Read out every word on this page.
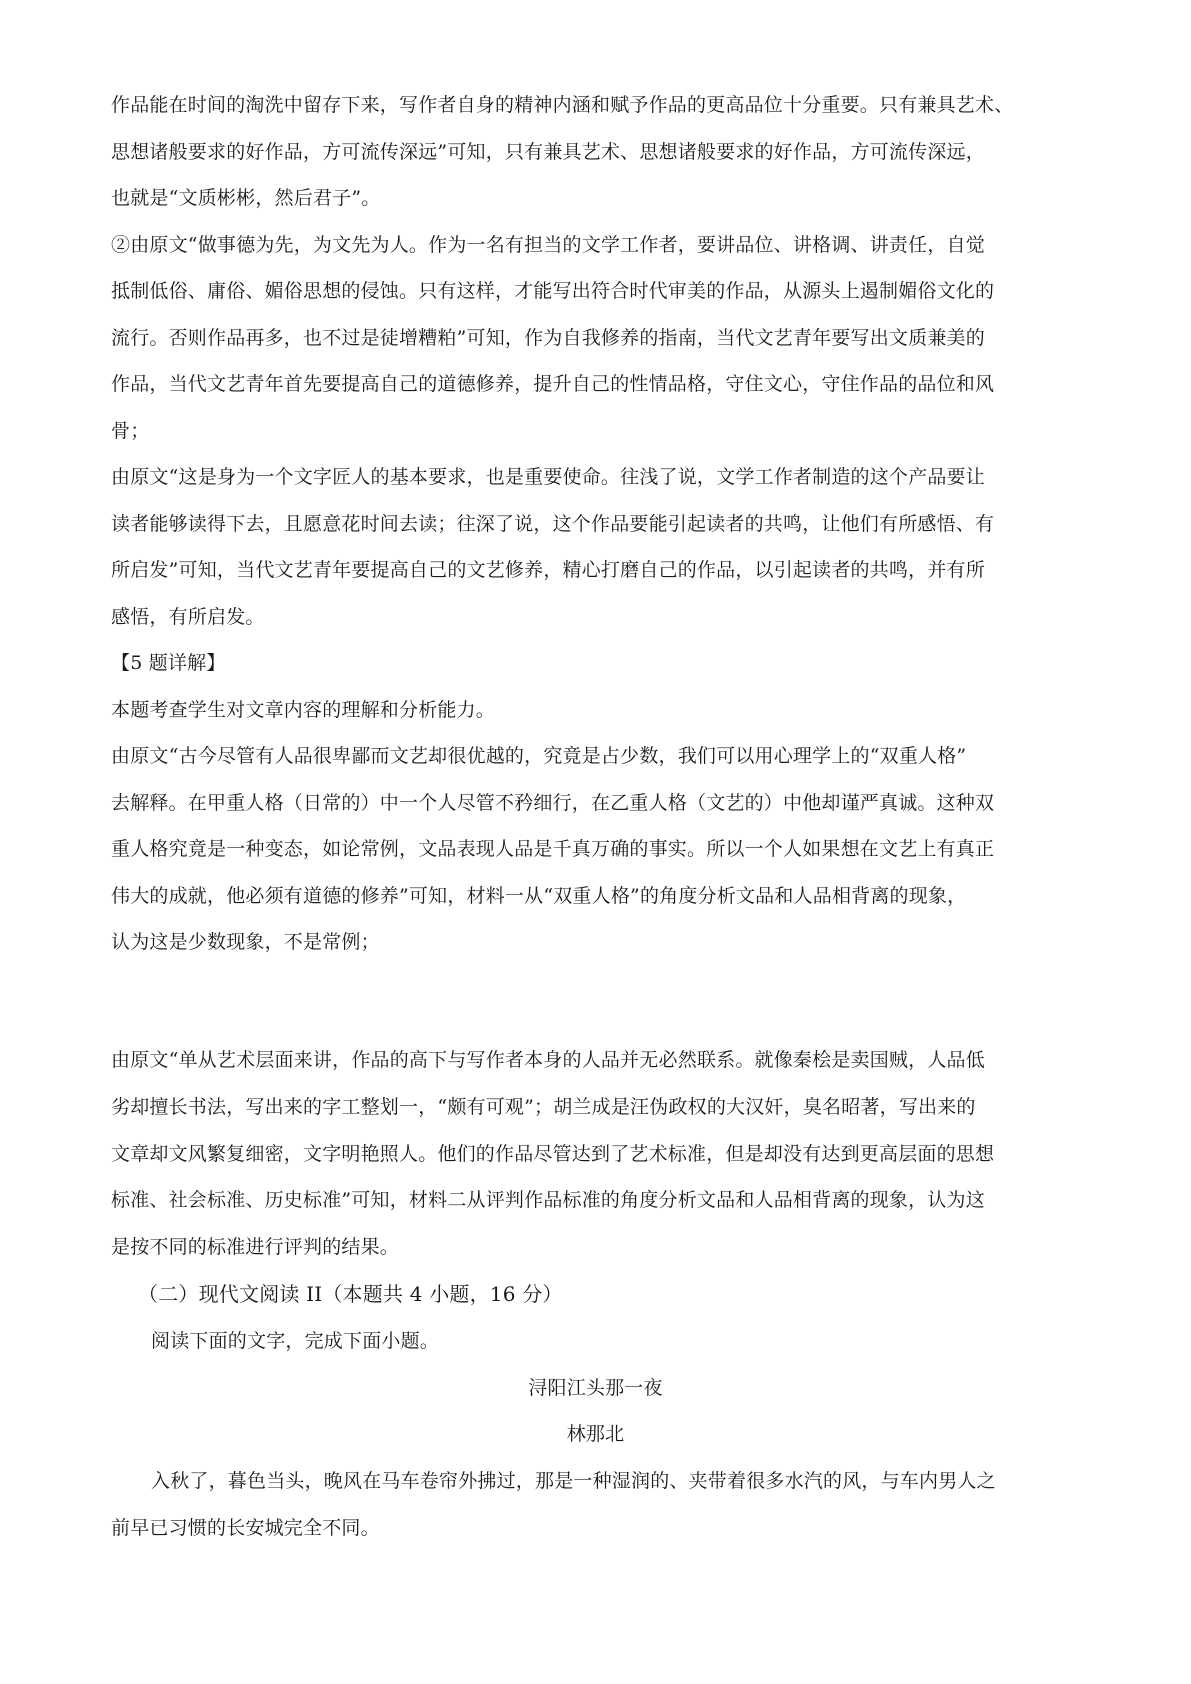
作品能在时间的淘洗中留存下来，写作者自身的精神内涵和赋予作品的更高品位十分重要。只有兼具艺术、
思想诸般要求的好作品，方可流传深远”可知，只有兼具艺术、思想诸般要求的好作品，方可流传深远，
也就是“文质彬彬，然后君子”。
②由原文“做事德为先，为文先为人。作为一名有担当的文学工作者，要讲品位、讲格调、讲责任，自觉
抵制低俗、庸俗、媚俗思想的侵蚀。只有这样，才能写出符合时代审美的作品，从源头上遏制媚俗文化的
流行。否则作品再多，也不过是徒增糟粕”可知，作为自我修养的指南，当代文艺青年要写出文质兼美的
作品，当代文艺青年首先要提高自己的道德修养，提升自己的性情品格，守住文心，守住作品的品位和风
骨；
由原文“这是身为一个文字匠人的基本要求，也是重要使命。往浅了说，文学工作者制造的这个产品要让
读者能够读得下去，且愿意花时间去读；往深了说，这个作品要能引起读者的共鸣，让他们有所感悟、有
所启发”可知，当代文艺青年要提高自己的文艺修养，精心打磨自己的作品，以引起读者的共鸣，并有所
感悟，有所启发。
【5 题详解】
本题考查学生对文章内容的理解和分析能力。
由原文“古今尽管有人品很卑鄙而文艺却很优越的，究竟是占少数，我们可以用心理学上的“双重人格”
去解释。在甲重人格（日常的）中一个人尽管不矜细行，在乙重人格（文艺的）中他却谨严真诚。这种双
重人格究竟是一种变态，如论常例，文品表现人品是千真万确的事实。所以一个人如果想在文艺上有真正
伟大的成就，他必须有道德的修养”可知，材料一从“双重人格”的角度分析文品和人品相背离的现象，
认为这是少数现象，不是常例；
由原文“单从艺术层面来讲，作品的高下与写作者本身的人品并无必然联系。就像秦桧是卖国贼，人品低
劣却擅长书法，写出来的字工整划一，“颇有可观”；胡兰成是汪伪政权的大汉奸，臭名昭著，写出来的
文章却文风繁复细密，文字明艳照人。他们的作品尽管达到了艺术标准，但是却没有达到更高层面的思想
标准、社会标准、历史标准”可知，材料二从评判作品标准的角度分析文品和人品相背离的现象，认为这
是按不同的标准进行评判的结果。
（二）现代文阅读 II（本题共 4 小题，16 分）
阅读下面的文字，完成下面小题。
浔阳江头那一夜
林那北
入秋了，暮色当头，晚风在马车卷帘外拂过，那是一种湿润的、夹带着很多水汽的风，与车内男人之
前早已习惯的长安城完全不同。
